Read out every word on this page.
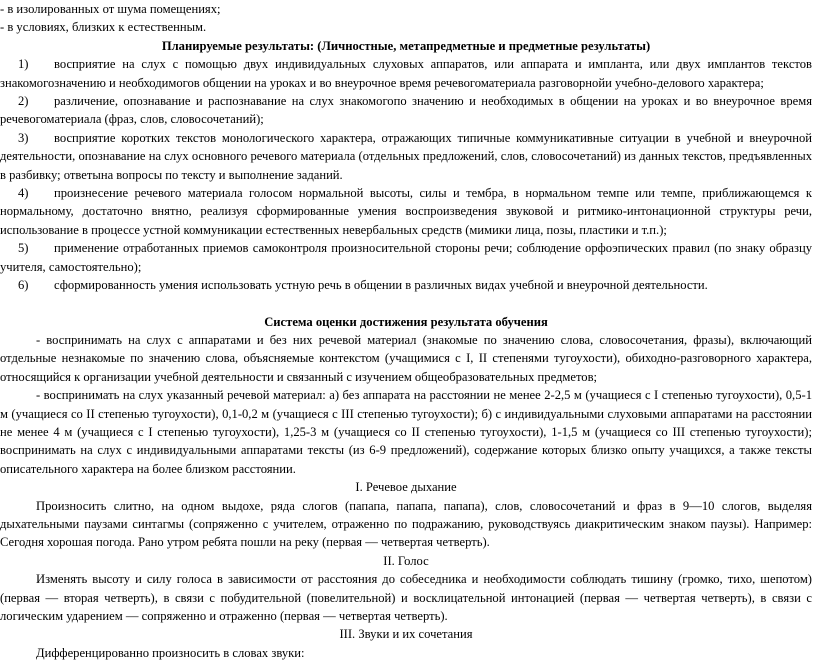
- в изолированных от шума помещениях;
- в условиях, близких к естественным.
Планируемые результаты: (Личностные, метапредметные и предметные результаты)

1) восприятие на слух с помощью двух индивидуальных слуховых аппаратов, или аппарата и импланта, или двух имплантов текстов знакомогозначению и необходимогов общении на уроках и во внеурочное время речевогоматериала разговорнойи учебно-делового характера;

2) различение, опознавание и распознавание на слух знакомогопо значению и необходимых в общении на уроках и во внеурочное время речевогоматериала (фраз, слов, словосочетаний);

3) восприятие коротких текстов монологического характера, отражающих типичные коммуникативные ситуации в учебной и внеурочной деятельности, опознавание на слух основного речевого материала (отдельных предложений, слов, словосочетаний) из данных текстов, предъявленных в разбивку; ответына вопросы по тексту и выполнение заданий.

4) произнесение речевого материала голосом нормальной высоты, силы и тембра, в нормальном темпе или темпе, приближающемся к нормальному, достаточно внятно, реализуя сформированные умения воспроизведения звуковой и ритмико-интонационной структуры речи, использование в процессе устной коммуникации естественных невербальных средств (мимики лица, позы, пластики и т.п.);

5) применение отработанных приемов самоконтроля произносительной стороны речи; соблюдение орфоэпических правил (по знаку образцу учителя, самостоятельно);

6) сформированность умения использовать устную речь в общении в различных видах учебной и внеурочной деятельности.

Система оценки достижения результата обучения

- воспринимать на слух с аппаратами и без них речевой материал (знакомые по значению слова, словосочетания, фразы), включающий отдельные незнакомые по значению слова, объясняемые контекстом (учащимися с I, II степенями тугоухости), обиходно-разговорного характера, относящийся к организации учебной деятельности и связанный с изучением общеобразовательных предметов;

- воспринимать на слух указанный речевой материал: а) без аппарата на расстоянии не менее 2-2,5 м (учащиеся с I степенью тугоухости), 0,5-1 м (учащиеся со II степенью тугоухости), 0,1-0,2 м (учащиеся с III степенью тугоухости); б) с индивидуальными слуховыми аппаратами на расстоянии не менее 4 м (учащиеся с I степенью тугоухости), 1,25-3 м (учащиеся со II степенью тугоухости), 1-1,5 м (учащиеся со III степенью тугоухости); воспринимать на слух с индивидуальными аппаратами тексты (из 6-9 предложений), содержание которых близко опыту учащихся, а также тексты описательного характера на более близком расстоянии.

I. Речевое дыхание

Произносить слитно, на одном выдохе, ряда слогов (папапа, папапа, папапа), слов, словосочетаний и фраз в 9—10 слогов, выделяя дыхательными паузами синтагмы (сопряженно с учителем, отраженно по подражанию, руководствуясь диакритическим знаком паузы). Например: Сегодня хорошая погода. Рано утром ребята пошли на реку (первая — четвертая четверть).

II. Голос

Изменять высоту и силу голоса в зависимости от расстояния до собеседника и необходимости соблюдать тишину (громко, тихо, шепотом) (первая — вторая четверть), в связи с побудительной (повелительной) и восклицательной интонацией (первая — четвертая четверть), в связи с логическим ударением — сопряженно и отраженно (первая — четвертая четверть).

III. Звуки и их сочетания

Дифференцированно произносить в словах звуки:
